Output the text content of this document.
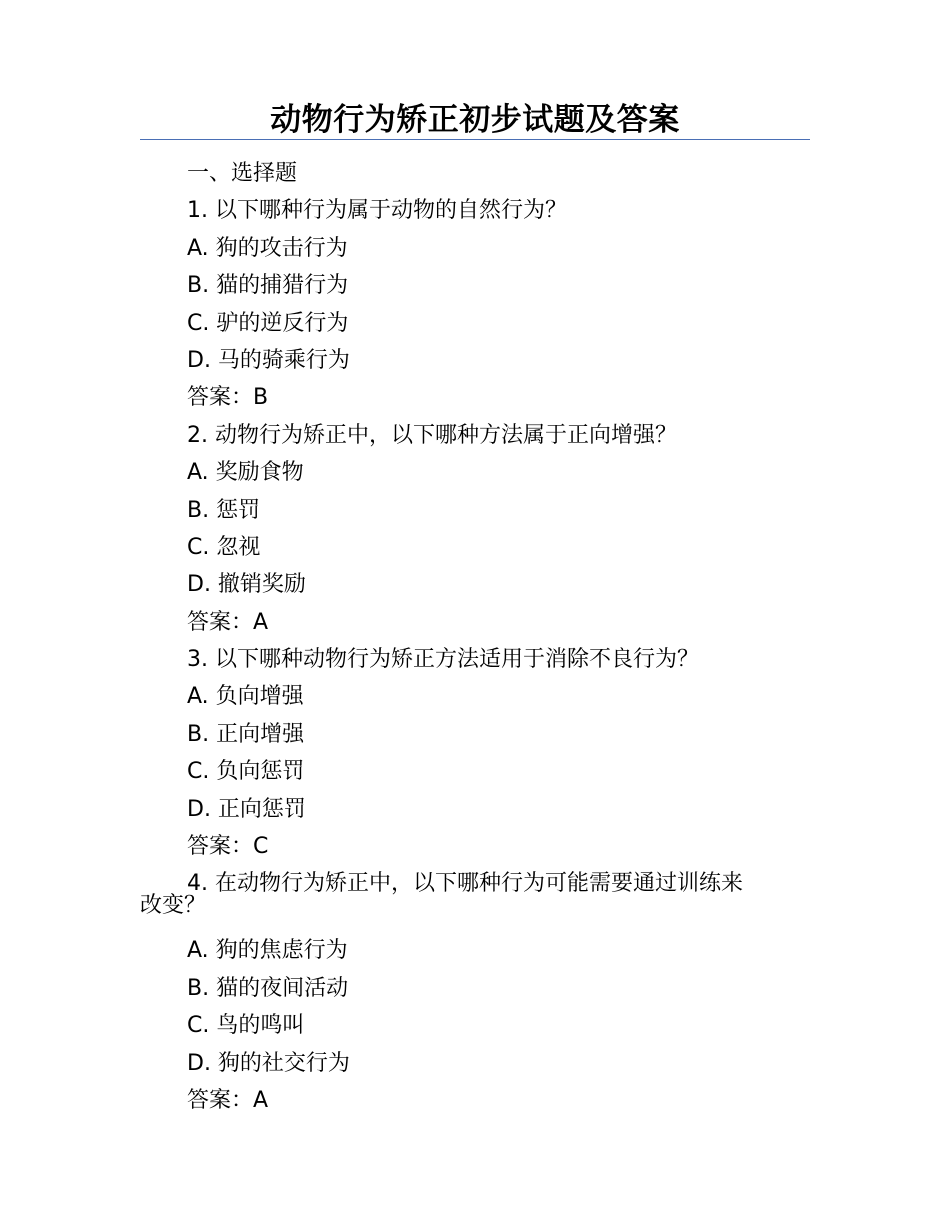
动物行为矫正初步试题及答案
一、选择题
1. 以下哪种行为属于动物的自然行为？
A. 狗的攻击行为
B. 猫的捕猎行为
C. 驴的逆反行为
D. 马的骑乘行为
答案：B
2. 动物行为矫正中，以下哪种方法属于正向增强？
A. 奖励食物
B. 惩罚
C. 忽视
D. 撤销奖励
答案：A
3. 以下哪种动物行为矫正方法适用于消除不良行为？
A. 负向增强
B. 正向增强
C. 负向惩罚
D. 正向惩罚
答案：C
4. 在动物行为矫正中，以下哪种行为可能需要通过训练来
改变？
A. 狗的焦虑行为
B. 猫的夜间活动
C. 鸟的鸣叫
D. 狗的社交行为
答案：A
